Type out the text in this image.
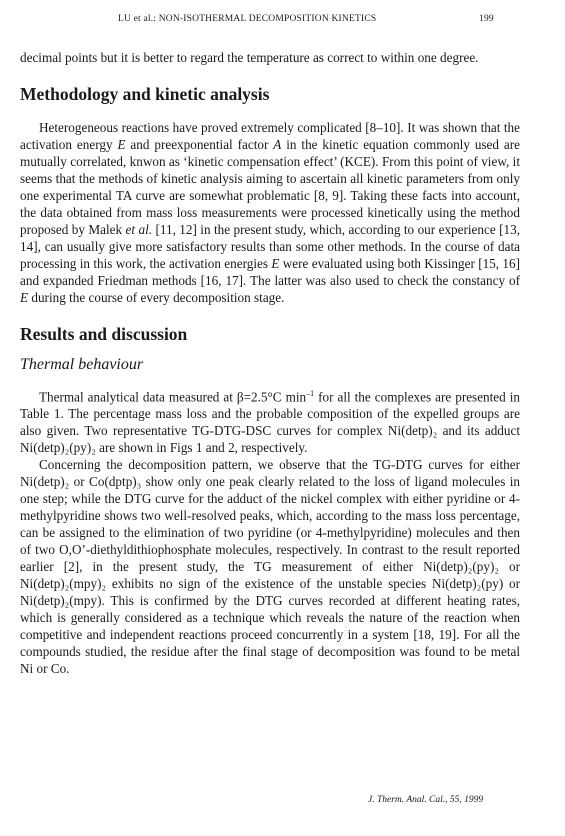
LU et al.: NON-ISOTHERMAL DECOMPOSITION KINETICS	199

decimal points but it is better to regard the temperature as correct to within one degree.

Methodology and kinetic analysis

Heterogeneous reactions have proved extremely complicated [8–10]. It was shown that the activation energy E and preexponential factor A in the kinetic equation commonly used are mutually correlated, knwon as ‘kinetic compensation effect’ (KCE). From this point of view, it seems that the methods of kinetic analysis aiming to ascertain all kinetic parameters from only one experimental TA curve are somewhat problematic [8, 9]. Taking these facts into account, the data obtained from mass loss measurements were processed kinetically using the method proposed by Malek et al. [11, 12] in the present study, which, according to our experience [13, 14], can usually give more satisfactory results than some other methods. In the course of data processing in this work, the activation energies E were evaluated using both Kissinger [15, 16] and expanded Friedman methods [16, 17]. The latter was also used to check the constancy of E during the course of every decomposition stage.

Results and discussion
Thermal behaviour

Thermal analytical data measured at β=2.5°C $\min^{-1}$ for all the complexes are presented in Table 1. The percentage mass loss and the probable composition of the expelled groups are also given. Two representative TG-DTG-DSC curves for complex Ni(detp)₂ and its adduct Ni(detp)₂(py)₂ are shown in Figs 1 and 2, respectively.

Concerning the decomposition pattern, we observe that the TG-DTG curves for either Ni(detp)₂ or Co(dptp)₃ show only one peak clearly related to the loss of ligand molecules in one step; while the DTG curve for the adduct of the nickel complex with either pyridine or 4-methylpyridine shows two well-resolved peaks, which, according to the mass loss percentage, can be assigned to the elimination of two pyridine (or 4-methylpyridine) molecules and then of two O,O’-diethyldithiophosphate molecules, respectively. In contrast to the result reported earlier [2], in the present study, the TG measurement of either Ni(detp)₂(py)₂ or Ni(detp)₂(mpy)₂ exhibits no sign of the existence of the unstable species Ni(detp)₂(py) or Ni(detp)₂(mpy). This is confirmed by the DTG curves recorded at different heating rates, which is generally considered as a technique which reveals the nature of the reaction when competitive and independent reactions proceed concurrently in a system [18, 19]. For all the compounds studied, the residue after the final stage of decomposition was found to be metal Ni or Co.

J. Therm. Anal. Cal., 55, 1999
